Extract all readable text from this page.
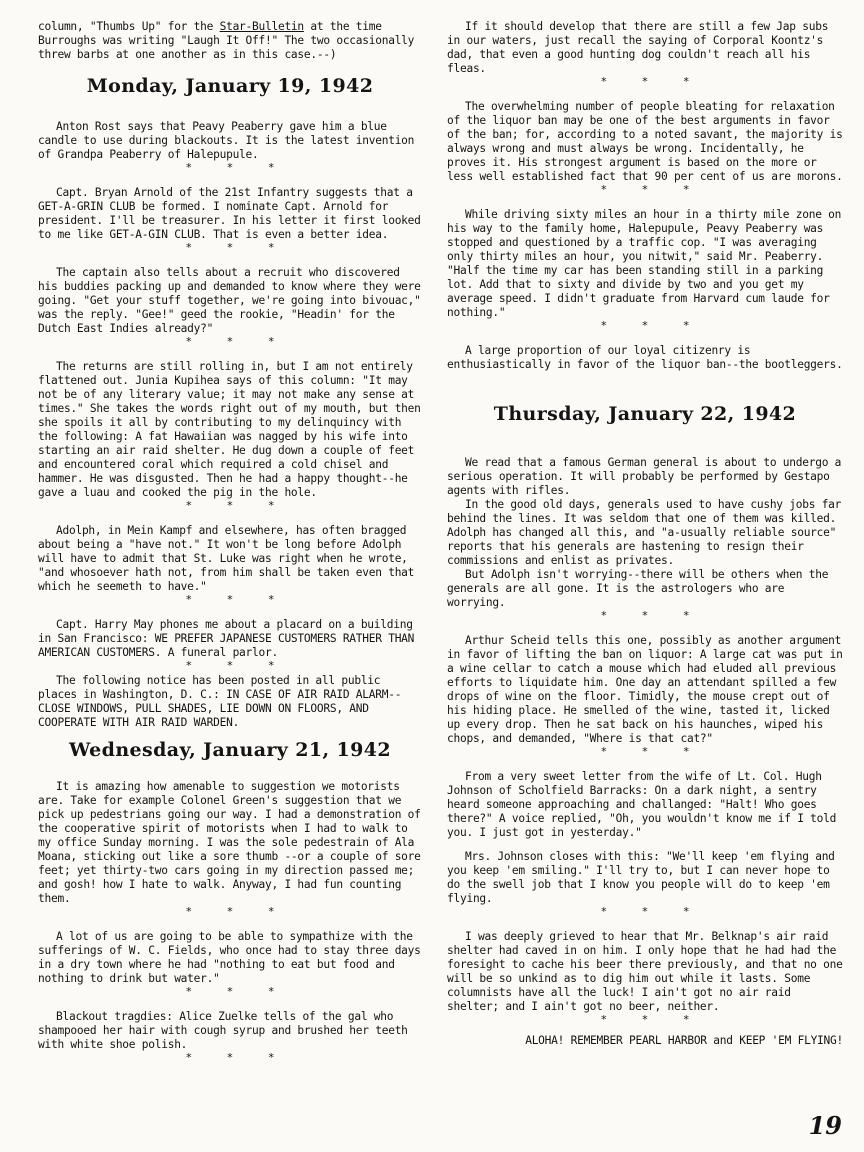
column, "Thumbs Up" for the Star-Bulletin at the time Burroughs was writing "Laugh It Off!" The two occasionally threw barbs at one another as in this case.--)

Monday, January 19, 1942

Anton Rost says that Peavy Peaberry gave him a blue candle to use during blackouts. It is the latest invention of Grandpa Peaberry of Halepupule.

* * *

Capt. Bryan Arnold of the 21st Infantry suggests that a GET-A-GRIN CLUB be formed. I nominate Capt. Arnold for president. I'll be treasurer. In his letter it first looked to me like GET-A-GIN CLUB. That is even a better idea.

* * *

The captain also tells about a recruit who discovered his buddies packing up and demanded to know where they were going. "Get your stuff together, we're going into bivouac," was the reply. "Gee!" geed the rookie, "Headin' for the Dutch East Indies already?"

* * *

The returns are still rolling in, but I am not entirely flattened out. Junia Kupihea says of this column: "It may not be of any literary value; it may not make any sense at times." She takes the words right out of my mouth, but then she spoils it all by contributing to my delinquincy with the following: A fat Hawaiian was nagged by his wife into starting an air raid shelter. He dug down a couple of feet and encountered coral which required a cold chisel and hammer. He was disgusted. Then he had a happy thought--he gave a luau and cooked the pig in the hole.

* * *

Adolph, in Mein Kampf and elsewhere, has often bragged about being a "have not." It won't be long before Adolph will have to admit that St. Luke was right when he wrote, "and whosoever hath not, from him shall be taken even that which he seemeth to have."

* * *

Capt. Harry May phones me about a placard on a building in San Francisco: WE PREFER JAPANESE CUSTOMERS RATHER THAN AMERICAN CUSTOMERS. A funeral parlor.

* * *

The following notice has been posted in all public places in Washington, D. C.: IN CASE OF AIR RAID ALARM--CLOSE WINDOWS, PULL SHADES, LIE DOWN ON FLOORS, AND COOPERATE WITH AIR RAID WARDEN.

Wednesday, January 21, 1942

It is amazing how amenable to suggestion we motorists are. Take for example Colonel Green's suggestion that we pick up pedestrians going our way. I had a demonstration of the cooperative spirit of motorists when I had to walk to my office Sunday morning. I was the sole pedestrain of Ala Moana, sticking out like a sore thumb --or a couple of sore feet; yet thirty-two cars going in my direction passed me; and gosh! how I hate to walk. Anyway, I had fun counting them.

* * *

A lot of us are going to be able to sympathize with the sufferings of W. C. Fields, who once had to stay three days in a dry town where he had "nothing to eat but food and nothing to drink but water."

* * *

Blackout tragdies: Alice Zuelke tells of the gal who shampooed her hair with cough syrup and brushed her teeth with white shoe polish.

* * *

If it should develop that there are still a few Jap subs in our waters, just recall the saying of Corporal Koontz's dad, that even a good hunting dog couldn't reach all his fleas.

* * *

The overwhelming number of people bleating for relaxation of the liquor ban may be one of the best arguments in favor of the ban; for, according to a noted savant, the majority is always wrong and must always be wrong. Incidentally, he proves it. His strongest argument is based on the more or less well established fact that 90 per cent of us are morons.

* * *

While driving sixty miles an hour in a thirty mile zone on his way to the family home, Halepupule, Peavy Peaberry was stopped and questioned by a traffic cop. "I was averaging only thirty miles an hour, you nitwit," said Mr. Peaberry. "Half the time my car has been standing still in a parking lot. Add that to sixty and divide by two and you get my average speed. I didn't graduate from Harvard cum laude for nothing."

* * *

A large proportion of our loyal citizenry is enthusiastically in favor of the liquor ban--the bootleggers.

Thursday, January 22, 1942

We read that a famous German general is about to undergo a serious operation. It will probably be performed by Gestapo agents with rifles.

In the good old days, generals used to have cushy jobs far behind the lines. It was seldom that one of them was killed. Adolph has changed all this, and "a-usually reliable source" reports that his generals are hastening to resign their commissions and enlist as privates.

But Adolph isn't worrying--there will be others when the generals are all gone. It is the astrologers who are worrying.

* * *

Arthur Scheid tells this one, possibly as another argument in favor of lifting the ban on liquor: A large cat was put in a wine cellar to catch a mouse which had eluded all previous efforts to liquidate him. One day an attendant spilled a few drops of wine on the floor. Timidly, the mouse crept out of his hiding place. He smelled of the wine, tasted it, licked up every drop. Then he sat back on his haunches, wiped his chops, and demanded, "Where is that cat?"

* * *

From a very sweet letter from the wife of Lt. Col. Hugh Johnson of Scholfield Barracks: On a dark night, a sentry heard someone approaching and challanged: "Halt! Who goes there?" A voice replied, "Oh, you wouldn't know me if I told you. I just got in yesterday."

Mrs. Johnson closes with this: "We'll keep 'em flying and you keep 'em smiling." I'll try to, but I can never hope to do the swell job that I know you people will do to keep 'em flying.

* * *

I was deeply grieved to hear that Mr. Belknap's air raid shelter had caved in on him. I only hope that he had had the foresight to cache his beer there previously, and that no one will be so unkind as to dig him out while it lasts. Some columnists have all the luck! I ain't got no air raid shelter; and I ain't got no beer, neither.

* * *

ALOHA! REMEMBER PEARL HARBOR and KEEP 'EM FLYING!

19
